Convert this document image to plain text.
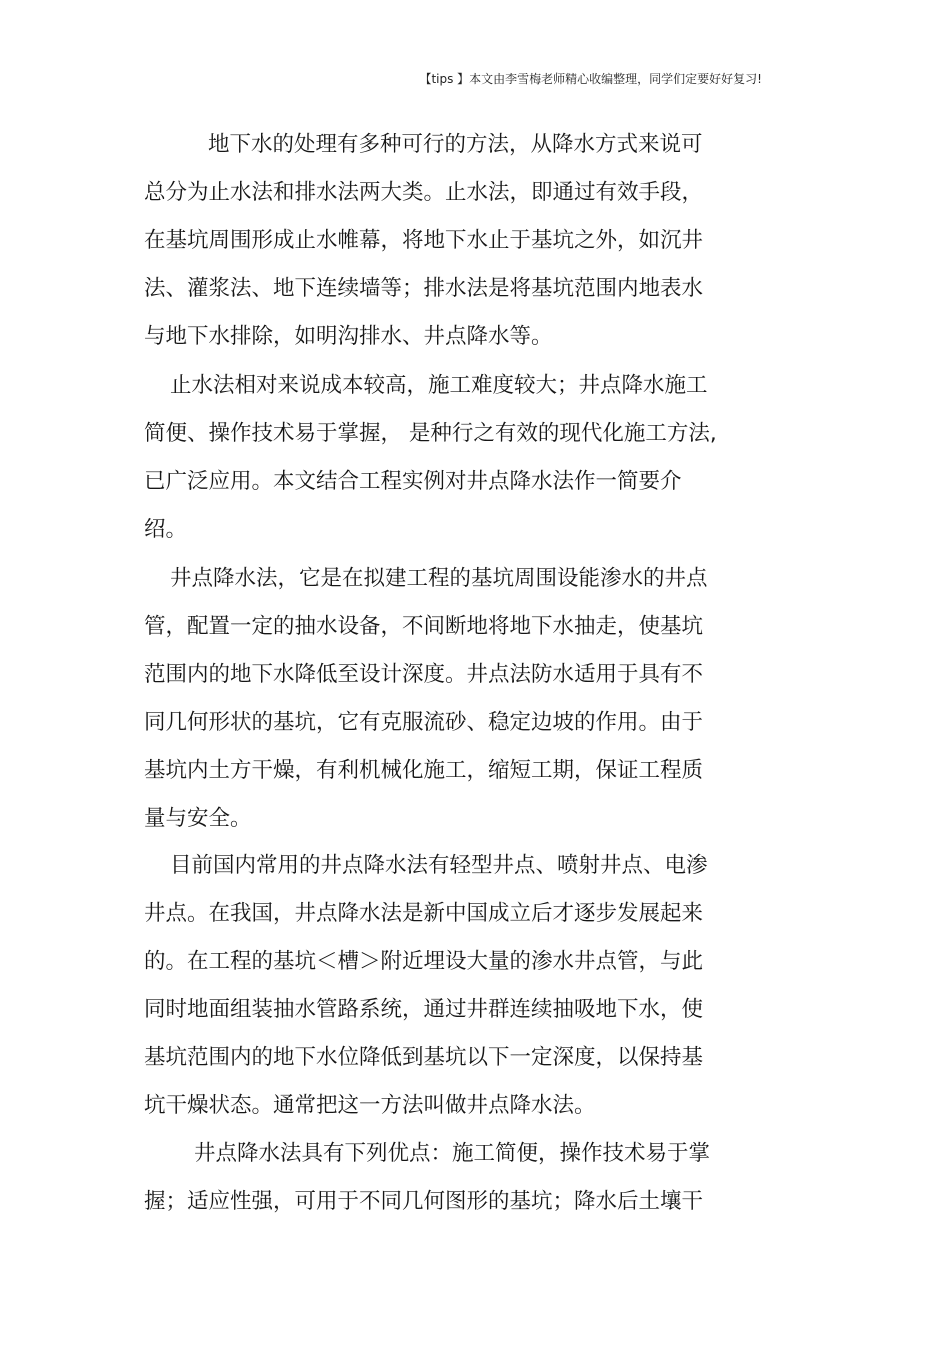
【tips 】本文由李雪梅老师精心收编整理，同学们定要好好复习!
地下水的处理有多种可行的方法，从降水方式来说可
总分为止水法和排水法两大类。止水法，即通过有效手段，
在基坑周围形成止水帷幕，将地下水止于基坑之外，如沉井
法、灌浆法、地下连续墙等；排水法是将基坑范围内地表水
与地下水排除，如明沟排水、井点降水等。
止水法相对来说成本较高，施工难度较大；井点降水施工
简便、操作技术易于掌握， 是种行之有效的现代化施工方法,
已广泛应用。本文结合工程实例对井点降水法作一简要介
绍。
井点降水法，它是在拟建工程的基坑周围设能渗水的井点
管，配置一定的抽水设备，不间断地将地下水抽走，使基坑
范围内的地下水降低至设计深度。井点法防水适用于具有不
同几何形状的基坑，它有克服流砂、稳定边坡的作用。由于
基坑内土方干燥，有利机械化施工，缩短工期，保证工程质
量与安全。
目前国内常用的井点降水法有轻型井点、喷射井点、电渗
井点。在我国，井点降水法是新中国成立后才逐步发展起来
的。在工程的基坑＜槽＞附近埋设大量的渗水井点管，与此
同时地面组装抽水管路系统，通过井群连续抽吸地下水，使
基坑范围内的地下水位降低到基坑以下一定深度，以保持基
坑干燥状态。通常把这一方法叫做井点降水法。
井点降水法具有下列优点：施工简便，操作技术易于掌
握；适应性强，可用于不同几何图形的基坑；降水后土壤干
